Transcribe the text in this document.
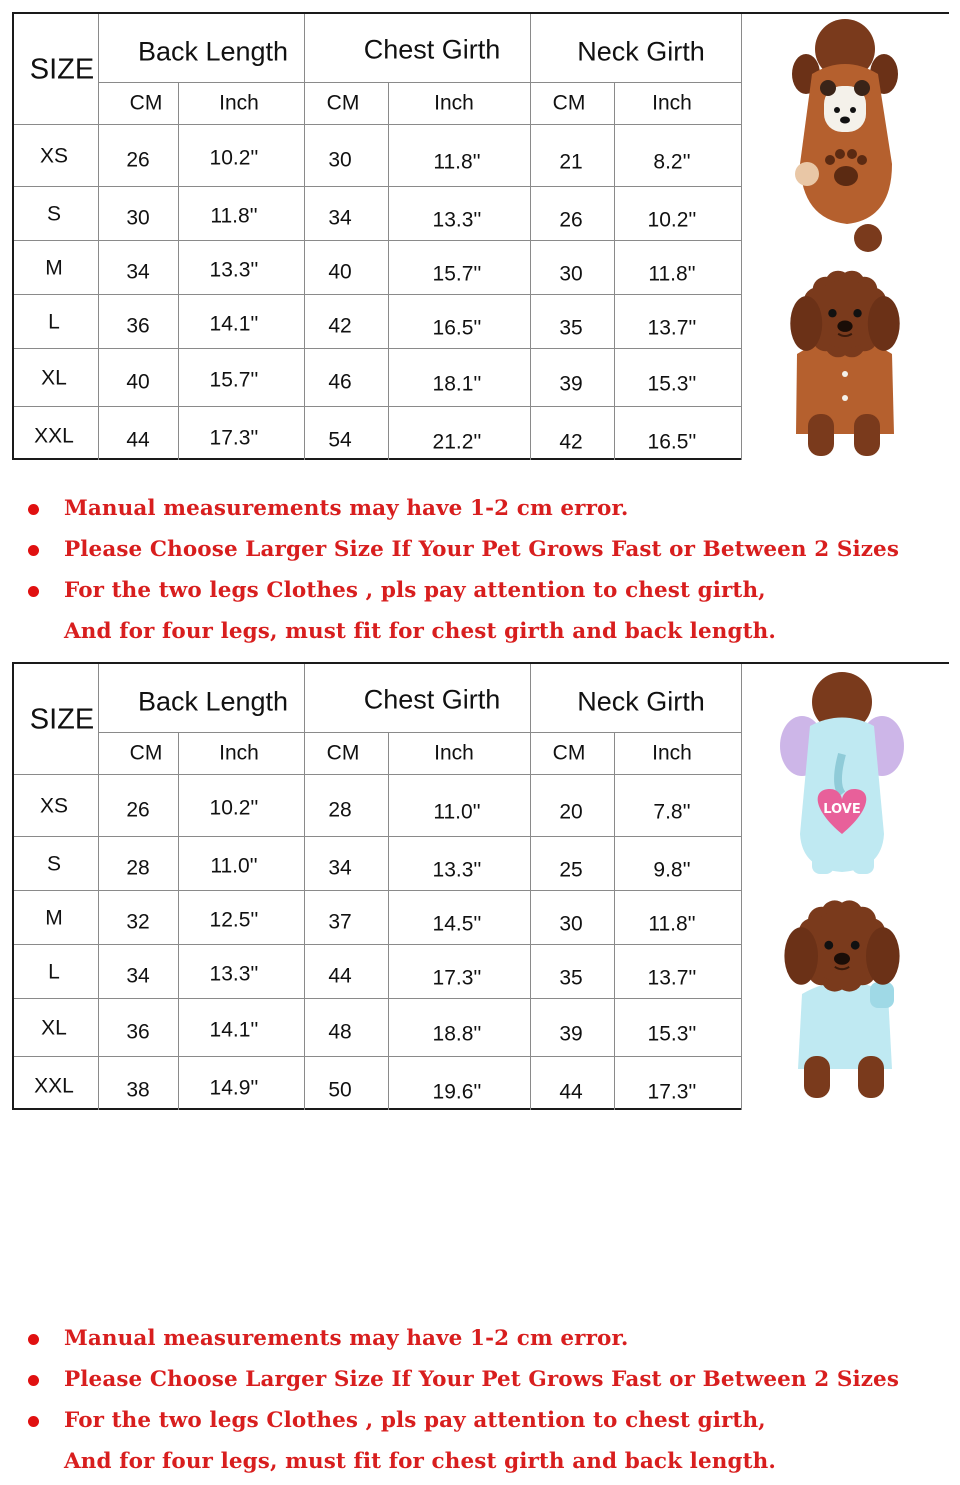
SIZE
Back Length	Chest Girth	Neck Girth
CM	Inch	CM	Inch	CM	Inch
XS	26	10.2''	30	11.8''	21	8.2''
S	30	11.8''	34	13.3''	26	10.2''
M	34	13.3''	40	15.7''	30	11.8''
L	36	14.1''	42	16.5''	35	13.7''
XL	40	15.7''	46	18.1''	39	15.3''
XXL 44	17.3''	54	21.2''	42	16.5''
Manual measurements may have 1-2 cm error.
Please Choose Larger Size If Your Pet Grows Fast or Between 2 Sizes
For the two legs Clothes , pls pay attention to chest girth,
And for four legs, must fit for chest girth and back length.
SIZE
Back Length	Chest Girth	Neck Girth
CM	Inch	CM	Inch	CM	Inch
XS	26	10.2''	28	11.0''	20	7.8''
S	28	11.0''	34	13.3''	25	9.8''
M	32	12.5''	37	14.5''	30	11.8''
L	34	13.3''	44	17.3''	35	13.7''
XL	36	14.1''	48	18.8''	39	15.3''
XXL 38	14.9''	50	19.6''	44	17.3''
LOVE
Manual measurements may have 1-2 cm error.
Please Choose Larger Size If Your Pet Grows Fast or Between 2 Sizes
For the two legs Clothes , pls pay attention to chest girth,
And for four legs, must fit for chest girth and back length.
